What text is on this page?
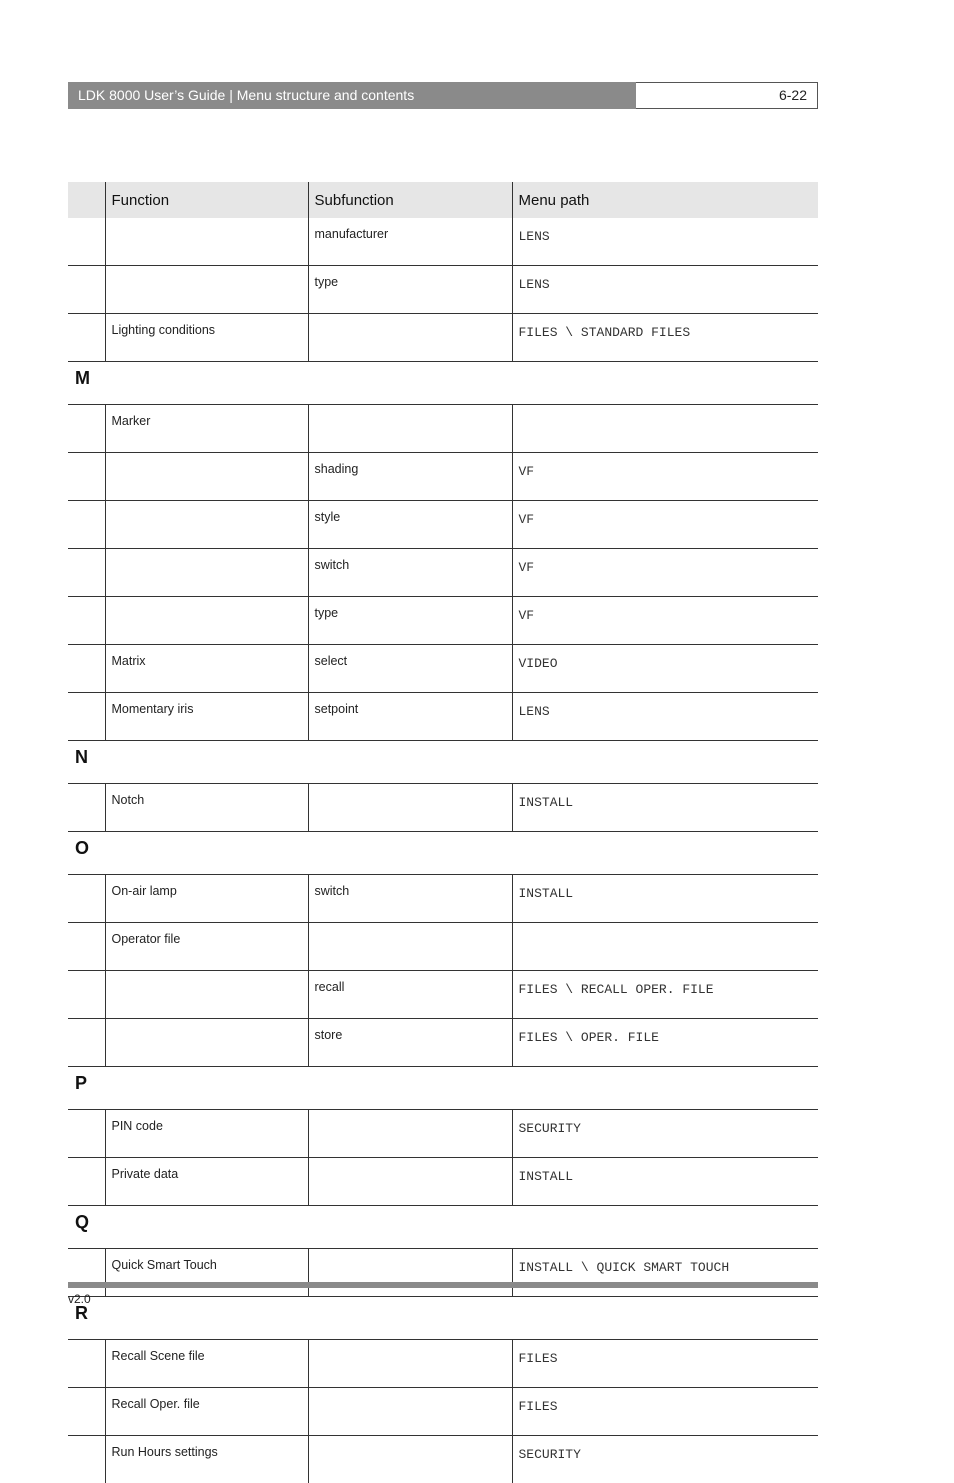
LDK 8000 User’s Guide | Menu structure and contents	6-22
	Function	Subfunction	Menu path
		manufacturer	LENS
		type	LENS
	Lighting conditions		FILES \ STANDARD FILES
M			
	Marker		
		shading	VF
		style	VF
		switch	VF
		type	VF
	Matrix	select	VIDEO
	Momentary iris	setpoint	LENS
N			
	Notch		INSTALL
O			
	On-air lamp	switch	INSTALL
	Operator file		
		recall	FILES \ RECALL OPER. FILE
		store	FILES \ OPER. FILE
P			
	PIN code		SECURITY
	Private data		INSTALL
Q			
	Quick Smart Touch		INSTALL \ QUICK SMART TOUCH
R			
	Recall Scene file		FILES
	Recall Oper. file		FILES
	Run Hours settings		SECURITY
v2.0
